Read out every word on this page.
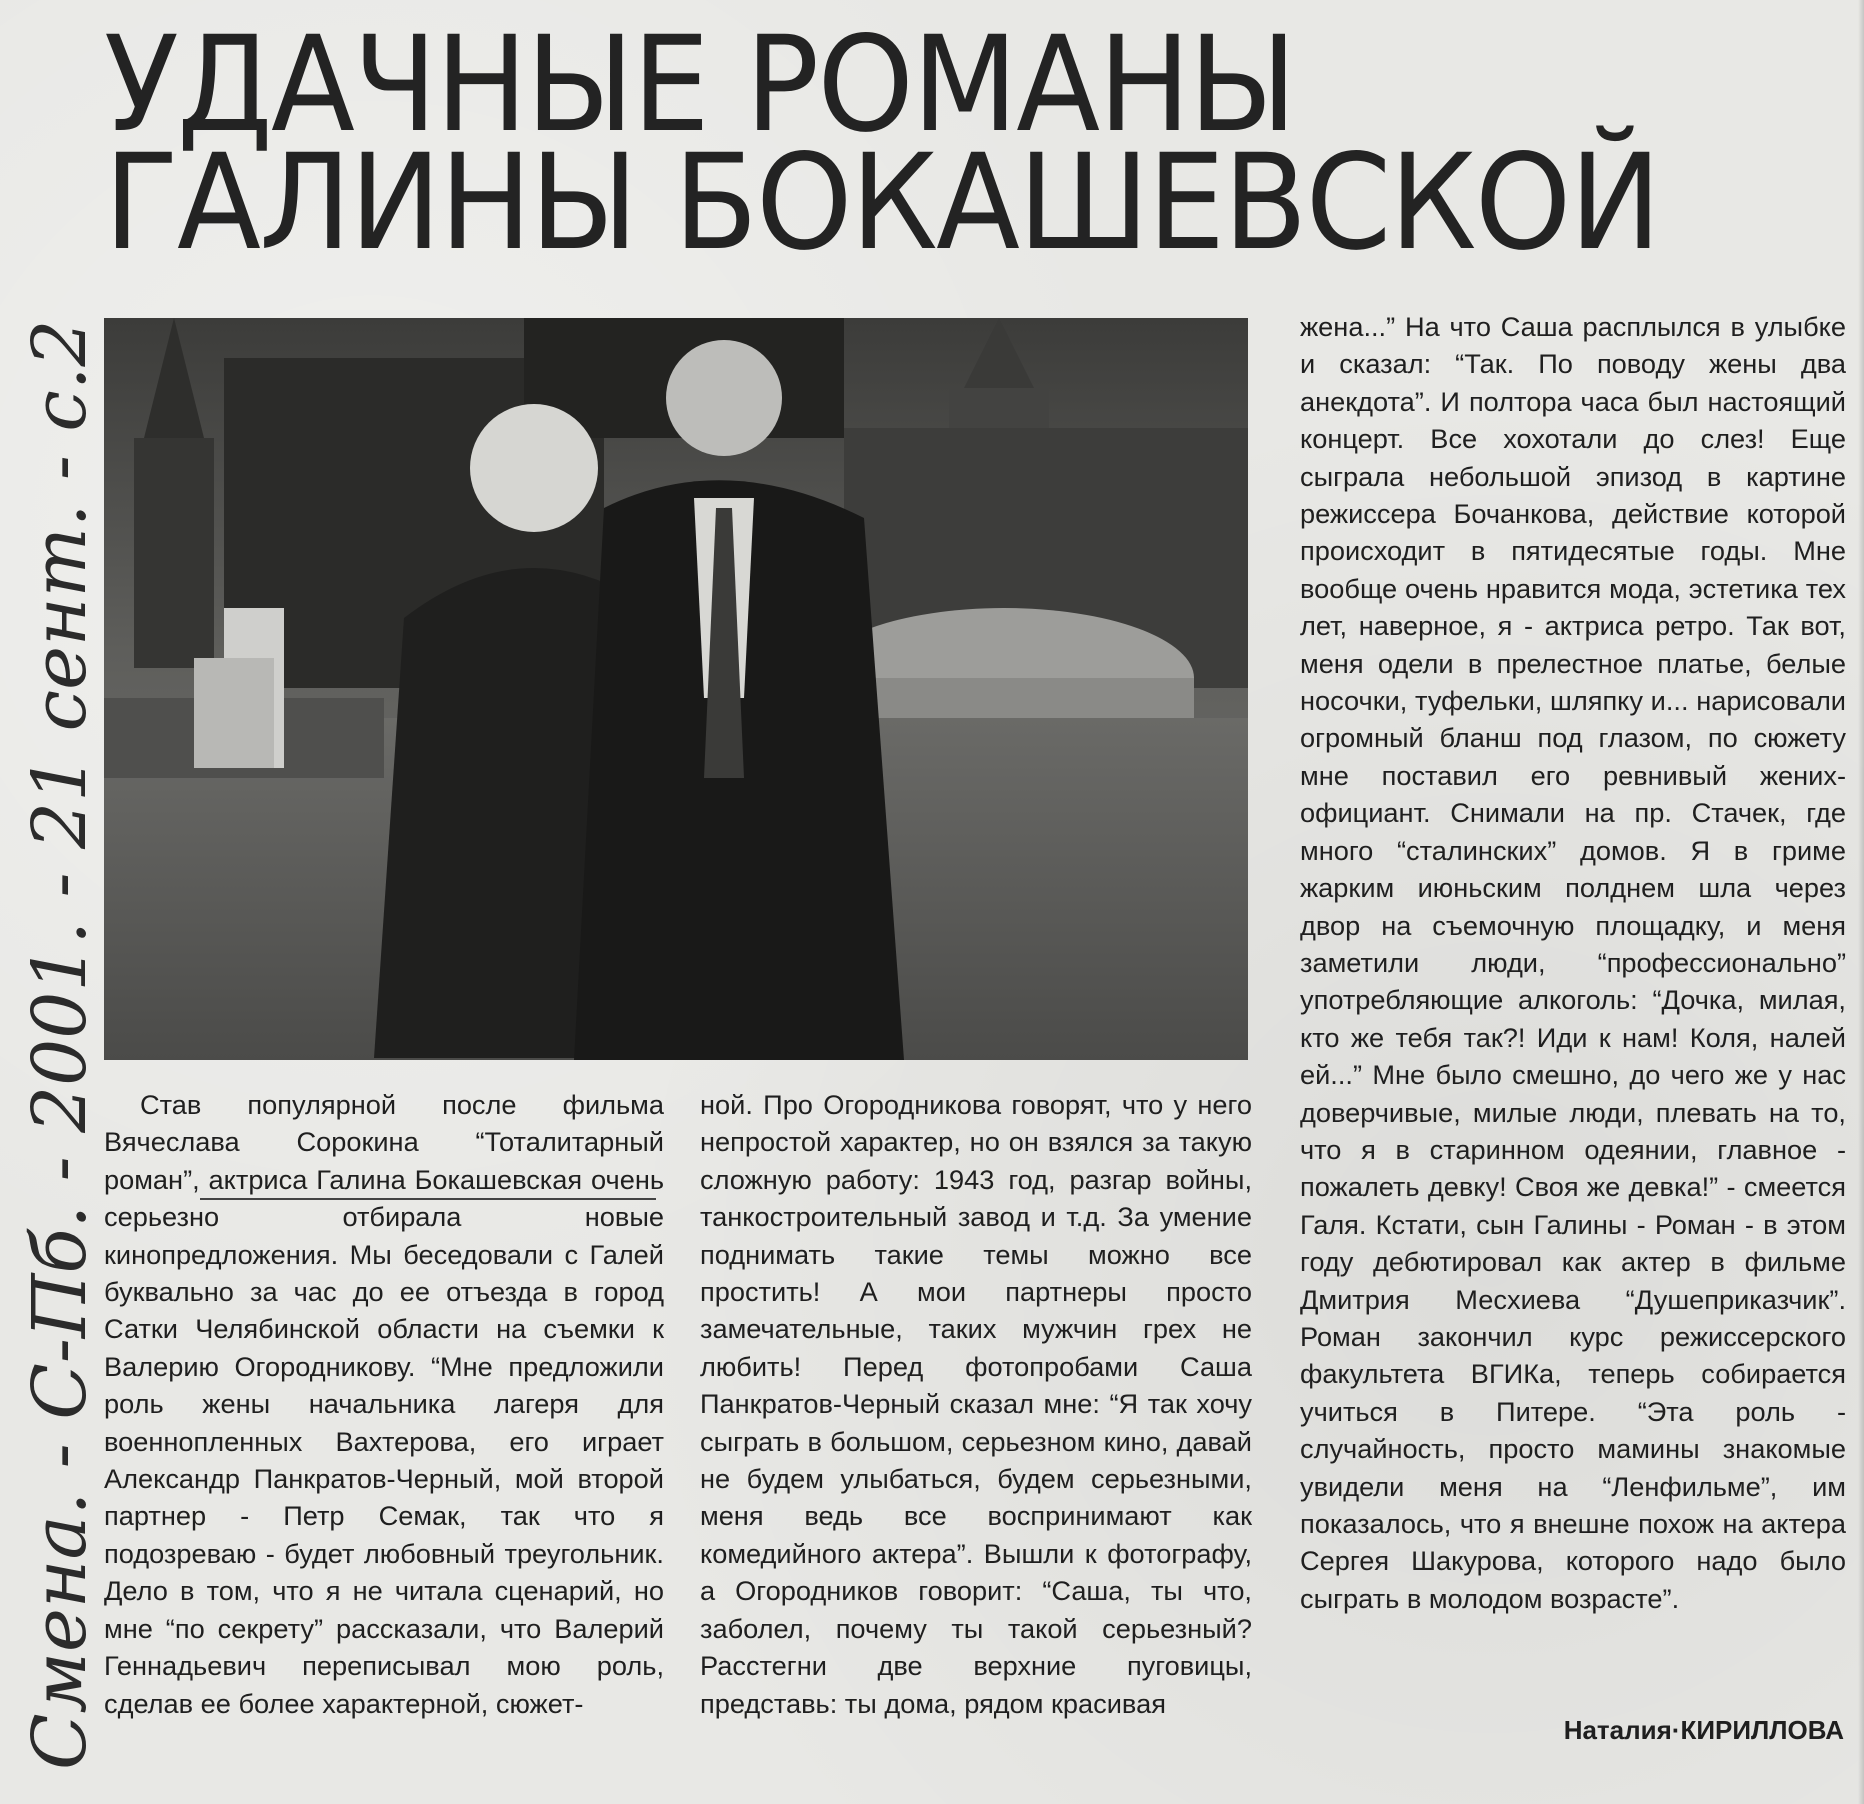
УДАЧНЫЕ РОМАНЫ
ГАЛИНЫ БОКАШЕВСКОЙ

Став популярной после фильма Вячеслава Сорокина “Тоталитарный роман”, актриса Галина Бокашевская очень серьезно отбирала новые кинопредложения. Мы беседовали с Галей буквально за час до ее отъезда в город Сатки Челябинской области на съемки к Валерию Огородникову. “Мне предложили роль жены начальника лагеря для военнопленных Вахтерова, его играет Александр Панкратов-Черный, мой второй партнер - Петр Семак, так что я подозреваю - будет любовный треугольник. Дело в том, что я не читала сценарий, но мне “по секрету” рассказали, что Валерий Геннадьевич переписывал мою роль, сделав ее более характерной, сюжет-

ной. Про Огородникова говорят, что у него непростой характер, но он взялся за такую сложную работу: 1943 год, разгар войны, танкостроительный завод и т.д. За умение поднимать такие темы можно все простить! А мои партнеры просто замечательные, таких мужчин грех не любить! Перед фотопробами Саша Панкратов-Черный сказал мне: “Я так хочу сыграть в большом, серьезном кино, давай не будем улыбаться, будем серьезными, меня ведь все воспринимают как комедийного актера”. Вышли к фотографу, а Огородников говорит: “Саша, ты что, заболел, почему ты такой серьезный? Расстегни две верхние пуговицы, представь: ты дома, рядом красивая

жена...” На что Саша расплылся в улыбке и сказал: “Так. По поводу жены два анекдота”. И полтора часа был настоящий концерт. Все хохотали до слез! Еще сыграла небольшой эпизод в картине режиссера Бочанкова, действие которой происходит в пятидесятые годы. Мне вообще очень нравится мода, эстетика тех лет, наверное, я - актриса ретро. Так вот, меня одели в прелестное платье, белые носочки, туфельки, шляпку и... нарисовали огромный бланш под глазом, по сюжету мне поставил его ревнивый жених-официант. Снимали на пр. Стачек, где много “сталинских” домов. Я в гриме жарким июньским полднем шла через двор на съемочную площадку, и меня заметили люди, “профессионально” употребляющие алкоголь: “Дочка, милая, кто же тебя так?! Иди к нам! Коля, налей ей...” Мне было смешно, до чего же у нас доверчивые, милые люди, плевать на то, что я в старинном одеянии, главное - пожалеть девку! Своя же девка!” - смеется Галя. Кстати, сын Галины - Роман - в этом году дебютировал как актер в фильме Дмитрия Месхиева “Душеприказчик”. Роман закончил курс режиссерского факультета ВГИКа, теперь собирается учиться в Питере. “Эта роль - случайность, просто мамины знакомые увидели меня на “Ленфильме”, им показалось, что я внешне похож на актера Сергея Шакурова, которого надо было сыграть в молодом возрасте”.

Наталия·КИРИЛЛОВА

Смена. - С-Пб. - 2001. - 21 сент. - с.2
